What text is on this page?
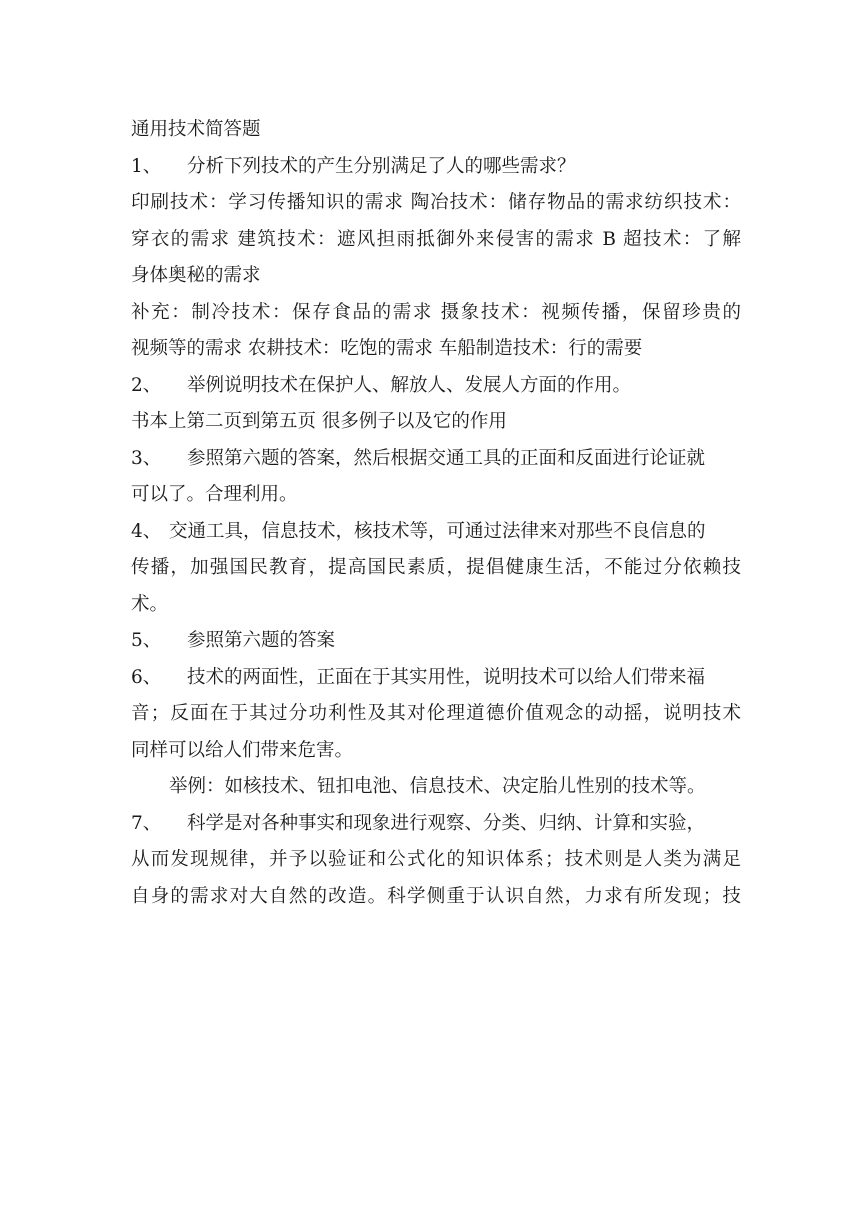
通用技术简答题
1、 分析下列技术的产生分别满足了人的哪些需求？
印刷技术：学习传播知识的需求 陶冶技术：储存物品的需求纺织技术：
穿衣的需求 建筑技术：遮风担雨抵御外来侵害的需求 B 超技术：了解
身体奥秘的需求
补充：制冷技术：保存食品的需求 摄象技术：视频传播，保留珍贵的
视频等的需求 农耕技术：吃饱的需求 车船制造技术：行的需要
2、 举例说明技术在保护人、解放人、发展人方面的作用。
书本上第二页到第五页 很多例子以及它的作用
3、 参照第六题的答案，然后根据交通工具的正面和反面进行论证就
可以了。合理利用。
4、 交通工具，信息技术，核技术等，可通过法律来对那些不良信息的
传播，加强国民教育，提高国民素质，提倡健康生活，不能过分依赖技
术。
5、 参照第六题的答案
6、 技术的两面性，正面在于其实用性，说明技术可以给人们带来福
音；反面在于其过分功利性及其对伦理道德价值观念的动摇，说明技术
同样可以给人们带来危害。
举例：如核技术、钮扣电池、信息技术、决定胎儿性别的技术等。
7、 科学是对各种事实和现象进行观察、分类、归纳、计算和实验，
从而发现规律，并予以验证和公式化的知识体系；技术则是人类为满足
自身的需求对大自然的改造。科学侧重于认识自然，力求有所发现；技
